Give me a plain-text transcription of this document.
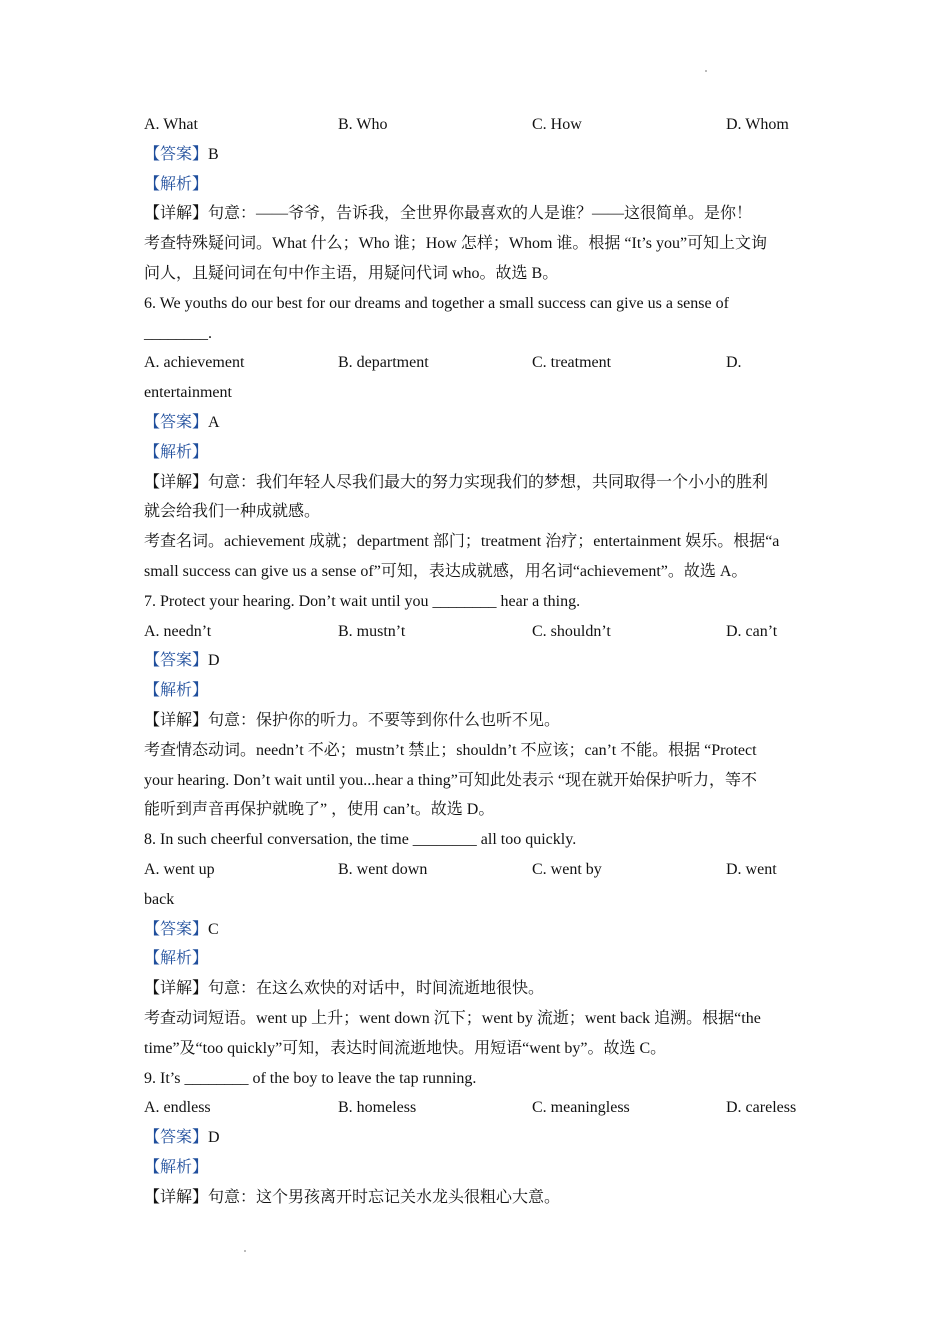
A. What	B. Who	C. How	D. Whom
【答案】B
【解析】
【详解】句意：——爷爷，告诉我，全世界你最喜欢的人是谁？——这很简单。是你！
考查特殊疑问词。What 什么；Who 谁；How 怎样；Whom 谁。根据 “It’s you”可知上文询
问人，且疑问词在句中作主语，用疑问代词 who。故选 B。
6. We youths do our best for our dreams and together a small success can give us a sense of
________.
A. achievement	B. department	C. treatment	D.
entertainment
【答案】A
【解析】
【详解】句意：我们年轻人尽我们最大的努力实现我们的梦想，共同取得一个小小的胜利
就会给我们一种成就感。
考查名词。achievement 成就；department 部门；treatment 治疗；entertainment 娱乐。根据“a
small success can give us a sense of”可知，表达成就感，用名词“achievement”。故选 A。
7. Protect your hearing. Don’t wait until you ________ hear a thing.
A. needn’t	B. mustn’t	C. shouldn’t	D. can’t
【答案】D
【解析】
【详解】句意：保护你的听力。不要等到你什么也听不见。
考查情态动词。needn’t 不必；mustn’t 禁止；shouldn’t 不应该；can’t 不能。根据 “Protect
your hearing. Don’t wait until you...hear a thing”可知此处表示 “现在就开始保护听力，等不
能听到声音再保护就晚了” ，使用 can’t。故选 D。
8. In such cheerful conversation, the time ________ all too quickly.
A. went up	B. went down	C. went by	D. went
back
【答案】C
【解析】
【详解】句意：在这么欢快的对话中，时间流逝地很快。
考查动词短语。went up 上升；went down 沉下；went by 流逝；went back 追溯。根据“the
time”及“too quickly”可知，表达时间流逝地快。用短语“went by”。故选 C。
9. It’s ________ of the boy to leave the tap running.
A. endless	B. homeless	C. meaningless	D. careless
【答案】D
【解析】
【详解】句意：这个男孩离开时忘记关水龙头很粗心大意。
